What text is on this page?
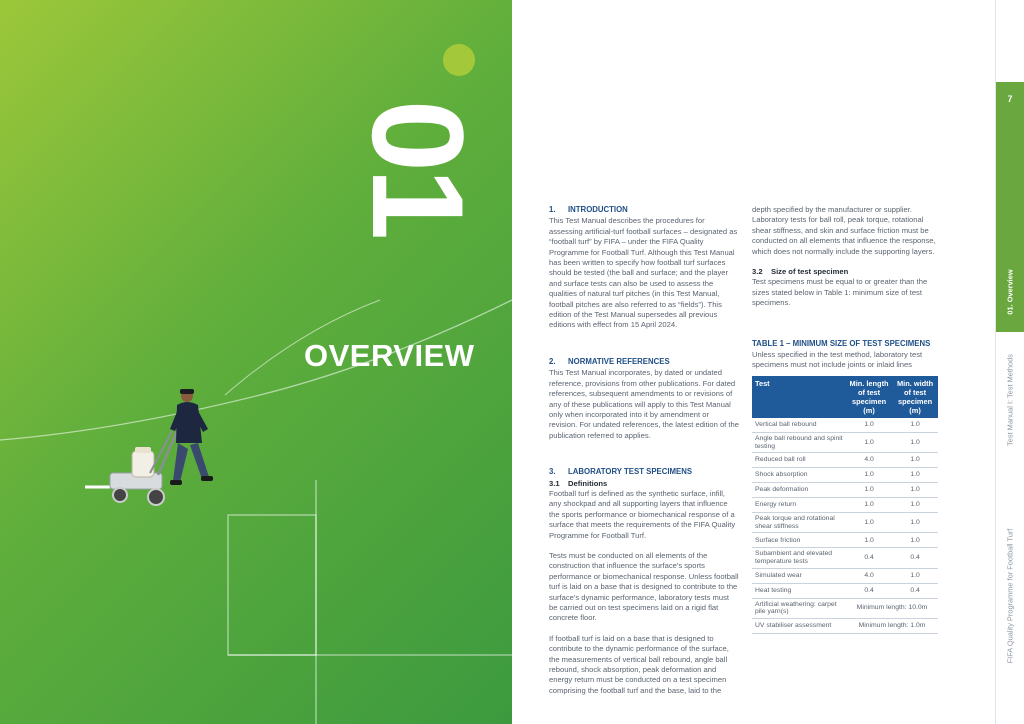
01
OVERVIEW
1. INTRODUCTION
This Test Manual describes the procedures for assessing artificial-turf football surfaces – designated as “football turf” by FIFA – under the FIFA Quality Programme for Football Turf. Although this Test Manual has been written to specify how football turf surfaces should be tested (the ball and surface; and the player and surface tests can also be used to assess the qualities of natural turf pitches (in this Test Manual, football pitches are also referred to as “fields”). This edition of the Test Manual supersedes all previous editions with effect from 15 April 2024.
2. NORMATIVE REFERENCES
This Test Manual incorporates, by dated or undated reference, provisions from other publications. For dated references, subsequent amendments to or revisions of any of these publications will apply to this Test Manual only when incorporated into it by amendment or revision. For undated references, the latest edition of the publication referred to applies.
3. LABORATORY TEST SPECIMENS
3.1 Definitions
Football turf is defined as the synthetic surface, infill, any shockpad and all supporting layers that influence the sports performance or biomechanical response of a surface that meets the requirements of the FIFA Quality Programme for Football Turf.
Tests must be conducted on all elements of the construction that influence the surface's sports performance or biomechanical response. Unless football turf is laid on a base that is designed to contribute to the surface's dynamic performance, laboratory tests must be carried out on test specimens laid on a rigid flat concrete floor.
If football turf is laid on a base that is designed to contribute to the dynamic performance of the surface, the measurements of vertical ball rebound, angle ball rebound, shock absorption, peak deformation and energy return must be conducted on a test specimen comprising the football turf and the base, laid to the
depth specified by the manufacturer or supplier. Laboratory tests for ball roll, peak torque, rotational shear stiffness, and skin and surface friction must be conducted on all elements that influence the response, which does not normally include the supporting layers.
3.2 Size of test specimen
Test specimens must be equal to or greater than the sizes stated below in Table 1: minimum size of test specimens.
TABLE 1 – MINIMUM SIZE OF TEST SPECIMENS
Unless specified in the test method, laboratory test specimens must not include joints or inlaid lines
Test	Min. length of test specimen (m)	Min. width of test specimen (m)
Vertical ball rebound	1.0	1.0
Angle ball rebound and spinit testing	1.0	1.0
Reduced ball roll	4.0	1.0
Shock absorption	1.0	1.0
Peak deformation	1.0	1.0
Energy return	1.0	1.0
Peak torque and rotational shear stiffness	1.0	1.0
Surface friction	1.0	1.0
Subambient and elevated temperature tests	0.4	0.4
Simulated wear	4.0	1.0
Heat testing	0.4	0.4
Artificial weathering: carpet pile yarn(s)	Minimum length: 10.0m	
UV stabiliser assessment	Minimum length: 1.0m	
7
01. Overview
Test Manual I: Test Methods
FIFA Quality Programme for Football Turf
